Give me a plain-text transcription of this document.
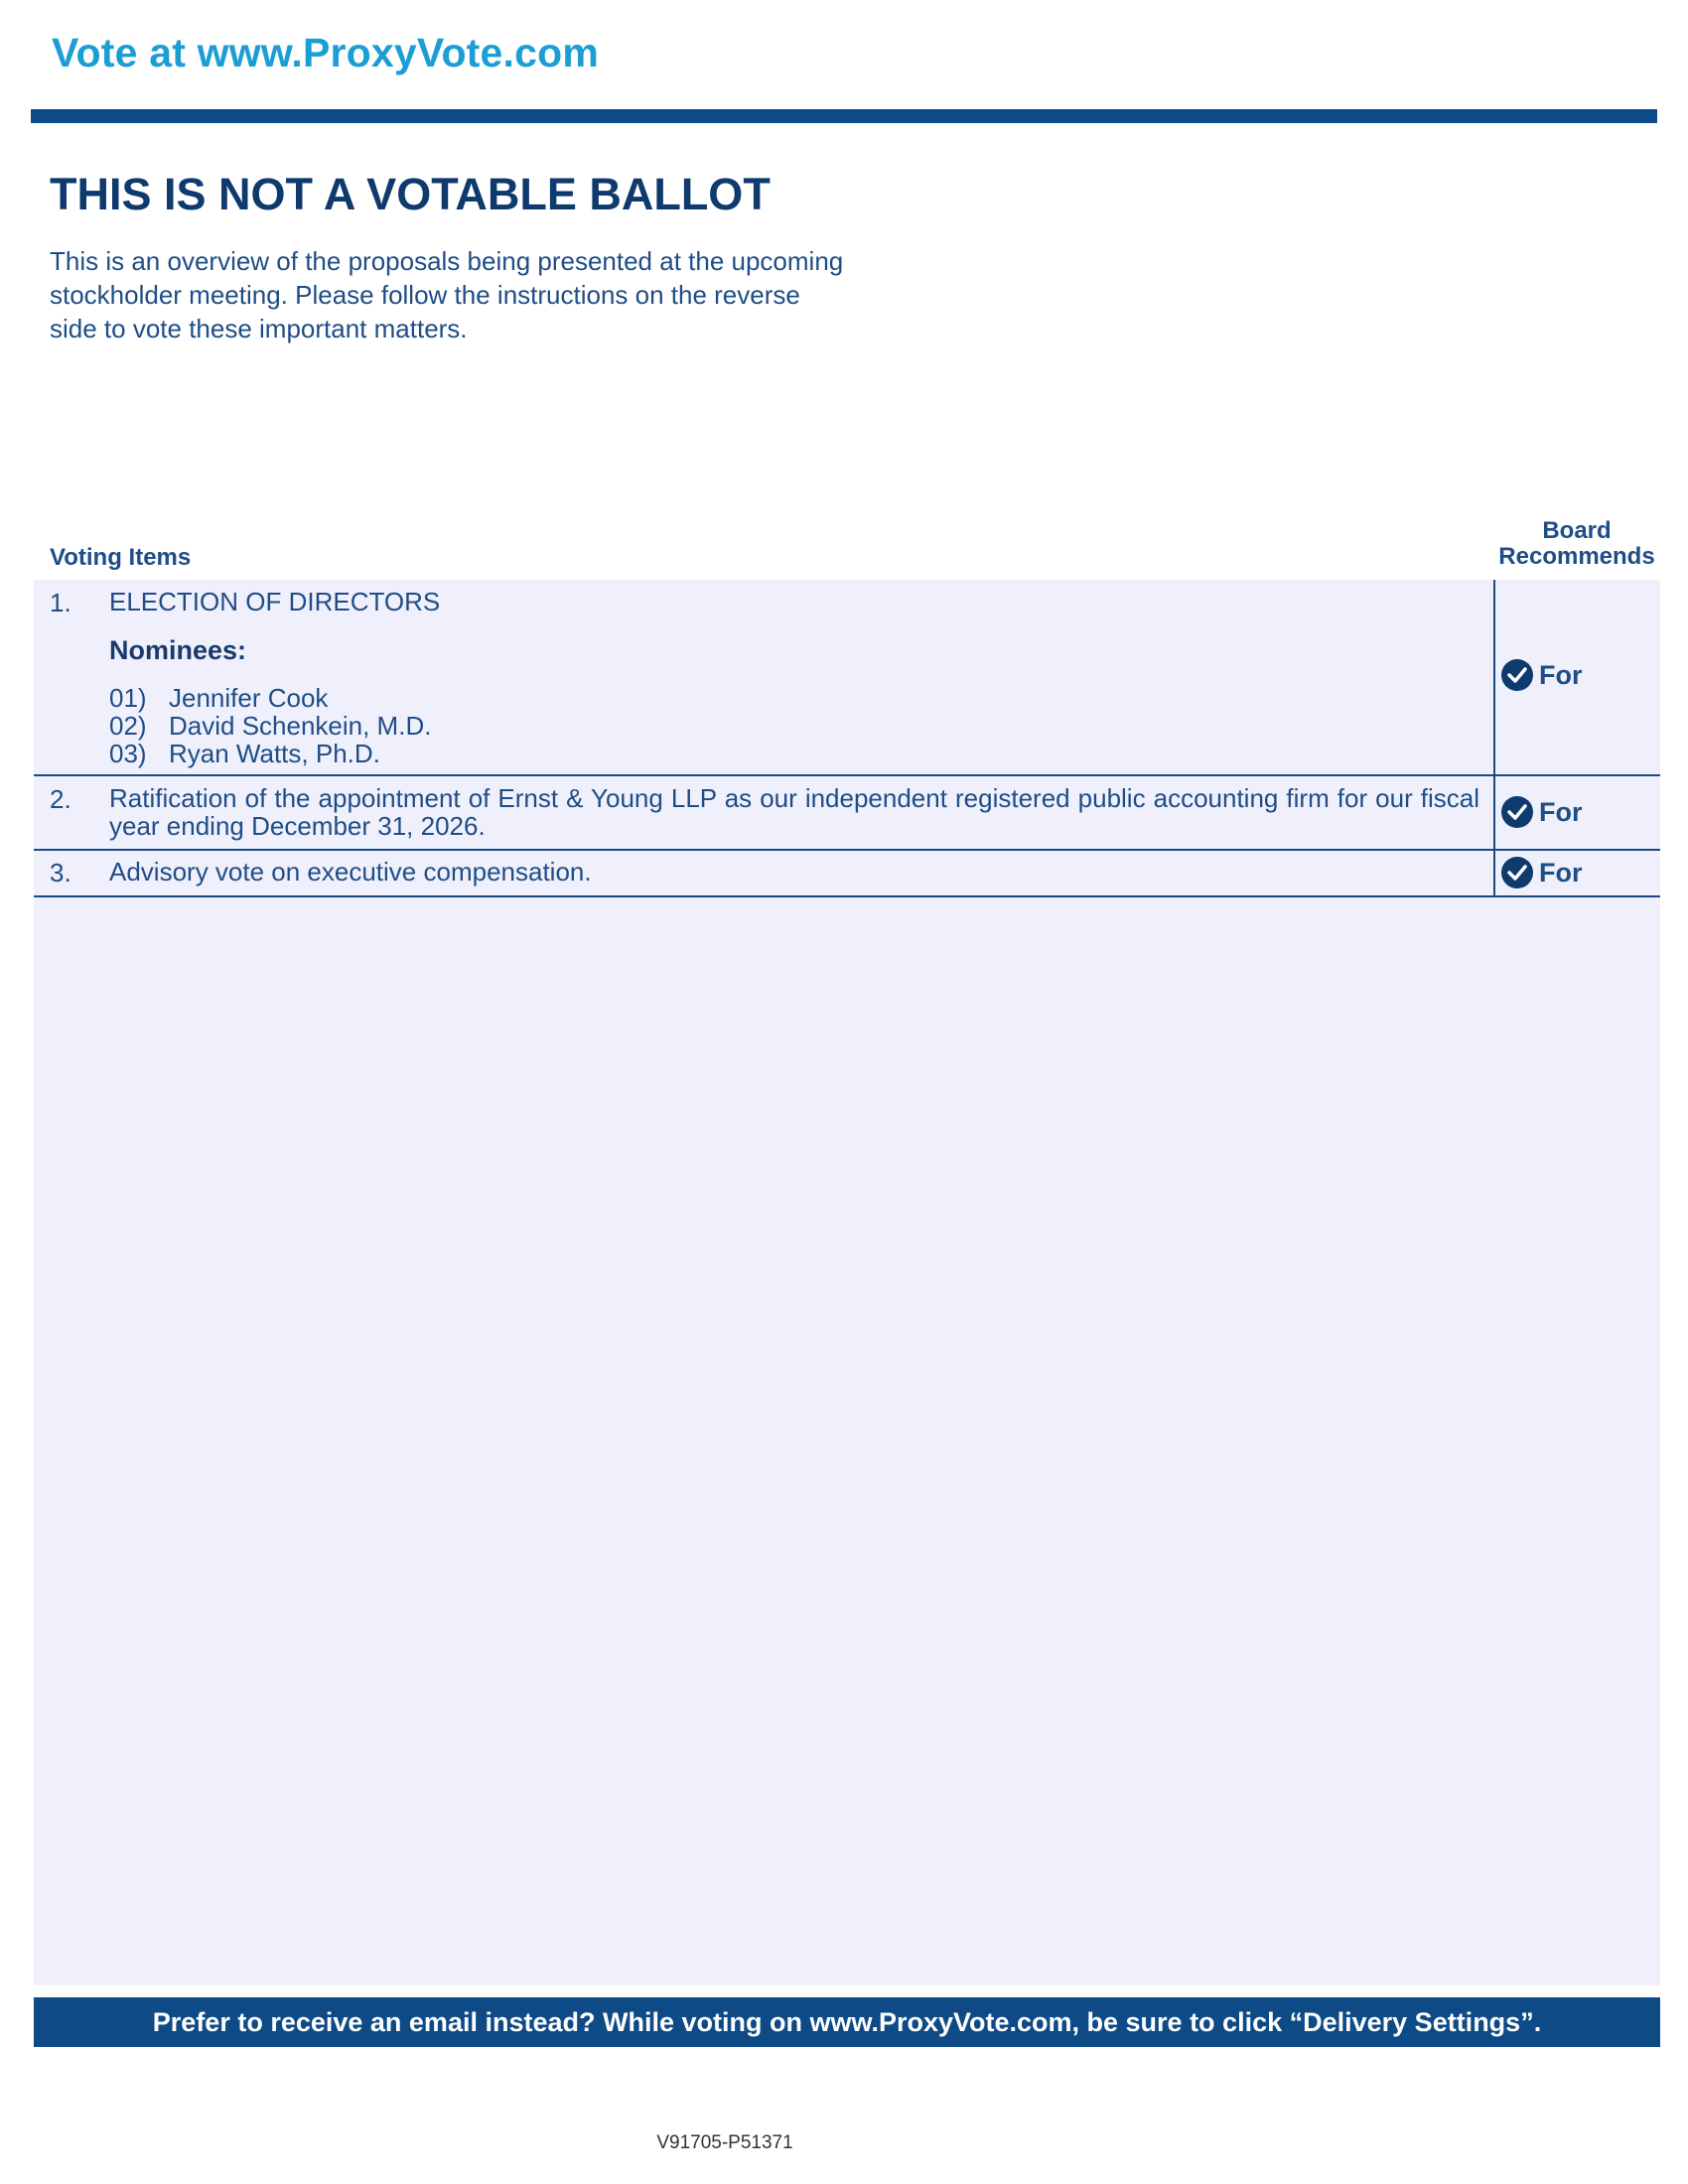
Vote at www.ProxyVote.com
THIS IS NOT A VOTABLE BALLOT
This is an overview of the proposals being presented at the upcoming stockholder meeting. Please follow the instructions on the reverse side to vote these important matters.
Voting Items
Board
Recommends
1. ELECTION OF DIRECTORS
Nominees:
01) Jennifer Cook
02) David Schenkein, M.D.
03) Ryan Watts, Ph.D.
For
2. Ratification of the appointment of Ernst & Young LLP as our independent registered public accounting firm for our fiscal year ending December 31, 2026.	For
3. Advisory vote on executive compensation.	For
Prefer to receive an email instead? While voting on www.ProxyVote.com, be sure to click “Delivery Settings”.
V91705-P51371
